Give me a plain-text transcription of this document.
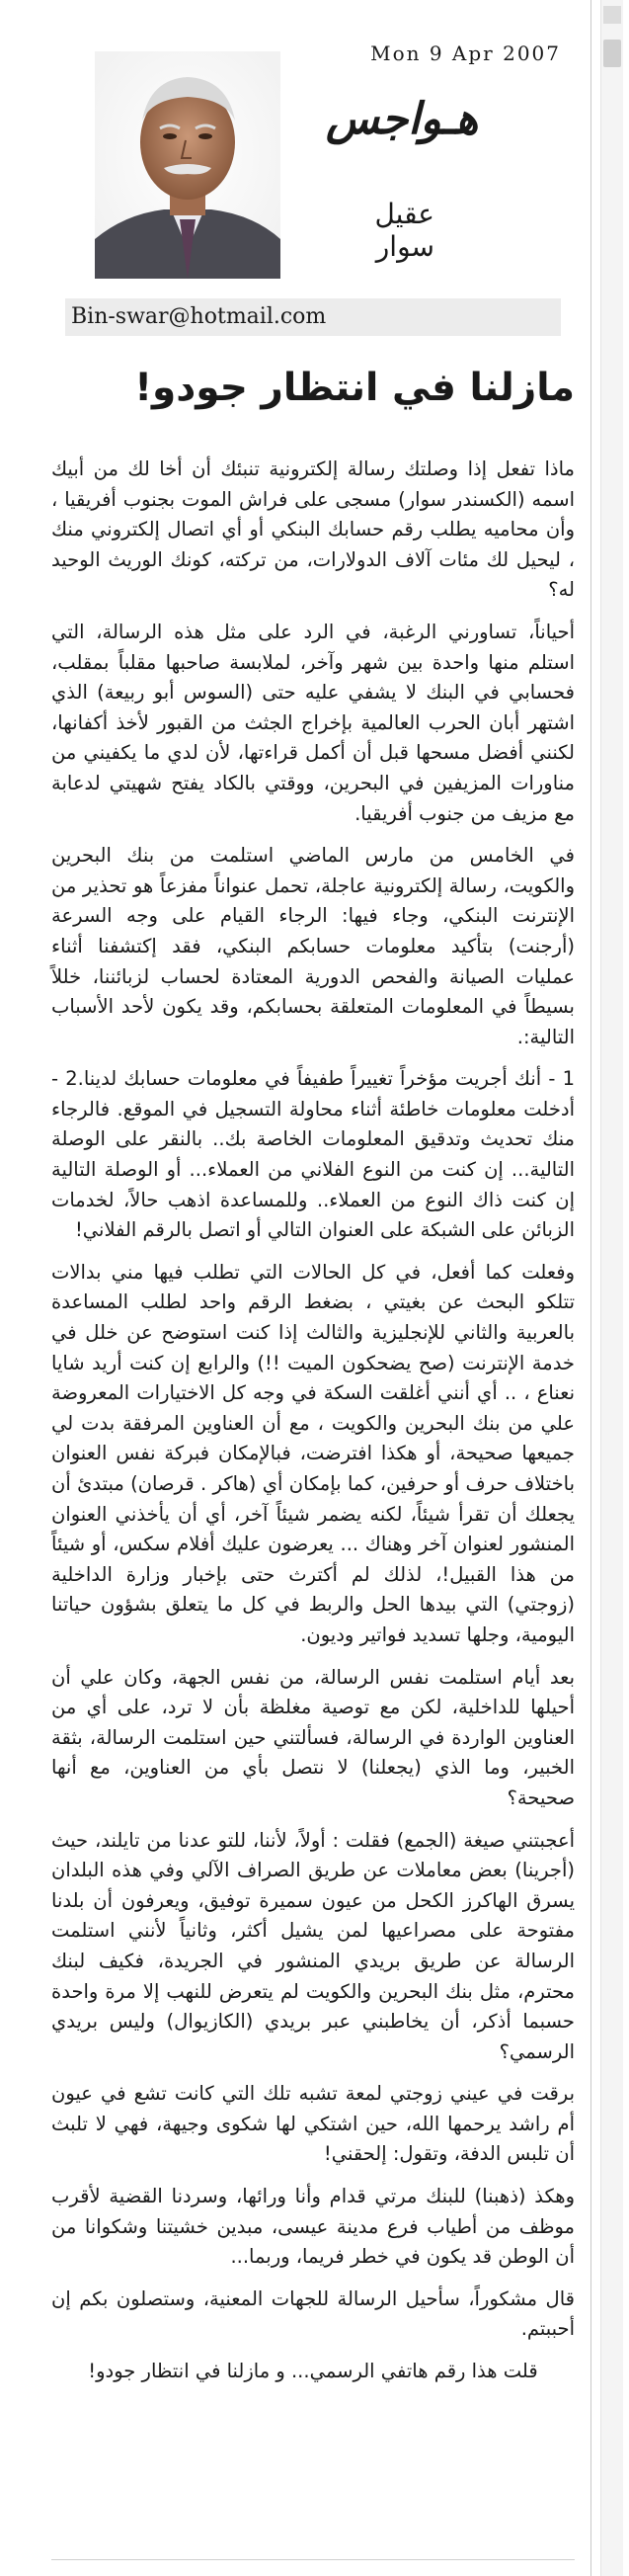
Mon 9 Apr 2007
هـواجس
عقيل سوار
Bin-swar@hotmail.com
مازلنا في انتظار جودو!

ماذا تفعل إذا وصلتك رسالة إلكترونية تنبئك أن أخا لك من أبيك اسمه (الكسندر سوار) مسجى على فراش الموت بجنوب أفريقيا ، وأن محاميه يطلب رقم حسابك البنكي أو أي اتصال إلكتروني منك ، ليحيل لك مئات آلاف الدولارات، من تركته، كونك الوريث الوحيد له؟

أحياناً، تساورني الرغبة، في الرد على مثل هذه الرسالة، التي استلم منها واحدة بين شهر وآخر، لملابسة صاحبها مقلباً بمقلب، فحسابي في البنك لا يشفي عليه حتى (السوس أبو ربيعة) الذي اشتهر أبان الحرب العالمية بإخراج الجثث من القبور لأخذ أكفانها، لكنني أفضل مسحها قبل أن أكمل قراءتها، لأن لدي ما يكفيني من مناورات المزيفين في البحرين، ووقتي بالكاد يفتح شهيتي لدعابة مع مزيف من جنوب أفريقيا.

في الخامس من مارس الماضي استلمت من بنك البحرين والكويت، رسالة إلكترونية عاجلة، تحمل عنواناً مفزعاً هو تحذير من الإنترنت البنكي، وجاء فيها: الرجاء القيام على وجه السرعة (أرجنت) بتأكيد معلومات حسابكم البنكي، فقد إكتشفنا أثناء عمليات الصيانة والفحص الدورية المعتادة لحساب لزبائننا، خللاً بسيطاً في المعلومات المتعلقة بحسابكم، وقد يكون لأحد الأسباب التالية:.

1 - أنك أجريت مؤخراً تغييراً طفيفاً في معلومات حسابك لدينا.2 - أدخلت معلومات خاطئة أثناء محاولة التسجيل في الموقع. فالرجاء منك تحديث وتدقيق المعلومات الخاصة بك.. بالنقر على الوصلة التالية... إن كنت من النوع الفلاني من العملاء... أو الوصلة التالية إن كنت ذاك النوع من العملاء.. وللمساعدة اذهب حالاً، لخدمات الزبائن على الشبكة على العنوان التالي أو اتصل بالرقم الفلاني!

وفعلت كما أفعل، في كل الحالات التي تطلب فيها مني بدالات تتلكو البحث عن بغيتي ، بضغط الرقم واحد لطلب المساعدة بالعربية والثاني للإنجليزية والثالث إذا كنت استوضح عن خلل في خدمة الإنترنت (صح يضحكون الميت !!) والرابع إن كنت أريد شايا نعناع ، .. أي أنني أغلقت السكة في وجه كل الاختيارات المعروضة علي من بنك البحرين والكويت ، مع أن العناوين المرفقة بدت لي جميعها صحيحة، أو هكذا افترضت، فبالإمكان فبركة نفس العنوان باختلاف حرف أو حرفين، كما بإمكان أي (هاكر . قرصان) مبتدئ أن يجعلك أن تقرأ شيئاً، لكنه يضمر شيئاً آخر، أي أن يأخذني العنوان المنشور لعنوان آخر وهناك ... يعرضون عليك أفلام سكس، أو شيئاً من هذا القبيل!، لذلك لم أكترث حتى بإخبار وزارة الداخلية (زوجتي) التي بيدها الحل والربط في كل ما يتعلق بشؤون حياتنا اليومية، وجلها تسديد فواتير وديون.

بعد أيام استلمت نفس الرسالة، من نفس الجهة، وكان علي أن أحيلها للداخلية، لكن مع توصية مغلظة بأن لا ترد، على أي من العناوين الواردة في الرسالة، فسألتني حين استلمت الرسالة، بثقة الخبير، وما الذي (يجعلنا) لا نتصل بأي من العناوين، مع أنها صحيحة؟

أعجبتني صيغة (الجمع) فقلت : أولاً، لأننا، للتو عدنا من تايلند، حيث (أجرينا) بعض معاملات عن طريق الصراف الآلي وفي هذه البلدان يسرق الهاكرز الكحل من عيون سميرة توفيق، ويعرفون أن بلدنا مفتوحة على مصراعيها لمن يشيل أكثر، وثانياً لأنني استلمت الرسالة عن طريق بريدي المنشور في الجريدة، فكيف لبنك محترم، مثل بنك البحرين والكويت لم يتعرض للنهب إلا مرة واحدة حسبما أذكر، أن يخاطبني عبر بريدي (الكازيوال) وليس بريدي الرسمي؟

برقت في عيني زوجتي لمعة تشبه تلك التي كانت تشع في عيون أم راشد يرحمها الله، حين اشتكي لها شكوى وجيهة، فهي لا تلبث أن تلبس الدفة، وتقول: إلحقني!

وهكذ (ذهبنا) للبنك مرتي قدام وأنا ورائها، وسردنا القضية لأقرب موظف من أطياب فرع مدينة عيسى، مبدين خشيتنا وشكوانا من أن الوطن قد يكون في خطر فريما، وربما...

قال مشكوراً، سأحيل الرسالة للجهات المعنية، وستصلون بكم إن أحببتم.

قلت هذا رقم هاتفي الرسمي... و مازلنا في انتظار جودو!
